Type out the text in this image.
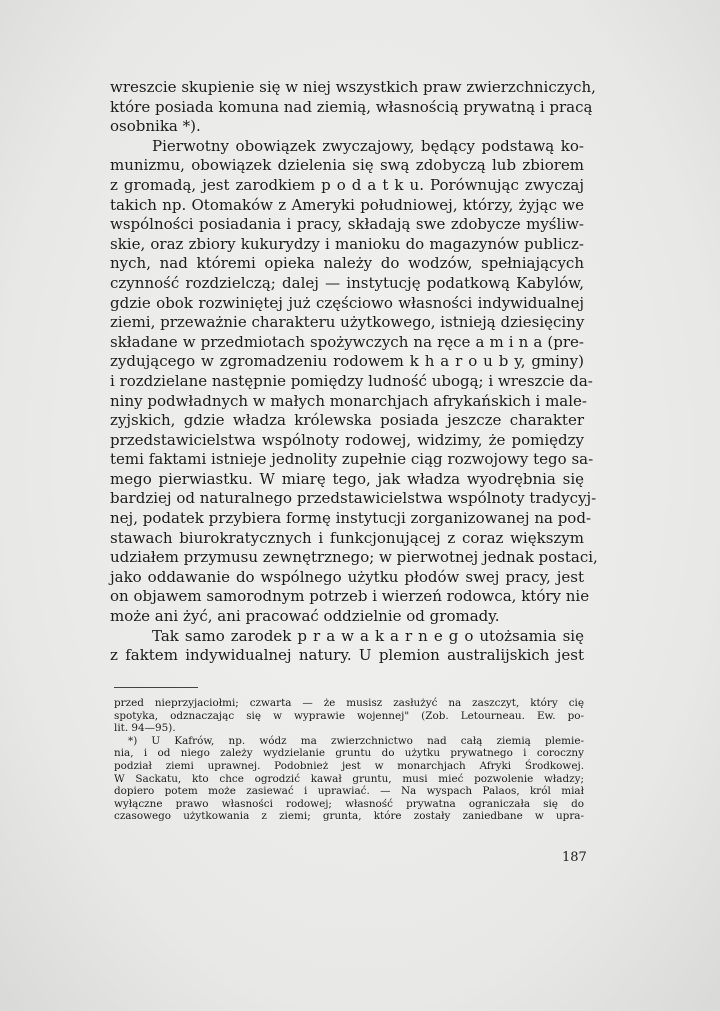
wreszcie skupienie się w niej wszystkich praw zwierzchniczych,
które posiada komuna nad ziemią, własnością prywatną i pracą
osobnika *).
Pierwotny obowiązek zwyczajowy, będący podstawą ko-
munizmu, obowiązek dzielenia się swą zdobyczą lub zbiorem
z gromadą, jest zarodkiem p o d a t k u. Porównując zwyczaj
takich np. Otomaków z Ameryki południowej, którzy, żyjąc we
wspólności posiadania i pracy, składają swe zdobycze myśliw-
skie, oraz zbiory kukurydzy i manioku do magazynów publicz-
nych, nad któremi opieka należy do wodzów, spełniających
czynność rozdzielczą; dalej — instytucję podatkową Kabylów,
gdzie obok rozwiniętej już częściowo własności indywidualnej
ziemi, przeważnie charakteru użytkowego, istnieją dziesięciny
składane w przedmiotach spożywczych na ręce a m i n a (pre-
zydującego w zgromadzeniu rodowem k h a r o u b y, gminy)
i rozdzielane następnie pomiędzy ludność ubogą; i wreszcie da-
niny podwładnych w małych monarchjach afrykańskich i male-
zyjskich, gdzie władza królewska posiada jeszcze charakter
przedstawicielstwa wspólnoty rodowej, widzimy, że pomiędzy
temi faktami istnieje jednolity zupełnie ciąg rozwojowy tego sa-
mego pierwiastku. W miarę tego, jak władza wyodrębnia się
bardziej od naturalnego przedstawicielstwa wspólnoty tradycyj-
nej, podatek przybiera formę instytucji zorganizowanej na pod-
stawach biurokratycznych i funkcjonującej z coraz większym
udziałem przymusu zewnętrznego; w pierwotnej jednak postaci,
jako oddawanie do wspólnego użytku płodów swej pracy, jest
on objawem samorodnym potrzeb i wierzeń rodowca, który nie
może ani żyć, ani pracować oddzielnie od gromady.
Tak samo zarodek p r a w a k a r n e g o utożsamia się
z faktem indywidualnej natury. U plemion australijskich jest
przed nieprzyjaciołmi; czwarta — że musisz zasłużyć na zaszczyt, który cię
spotyka, odznaczając się w wyprawie wojennej" (Zob. Letourneau. Ew. po-
lit. 94—95).
*) U Kafrów, np. wódz ma zwierzchnictwo nad całą ziemią plemie-
nia, i od niego zależy wydzielanie gruntu do użytku prywatnego i coroczny
podział ziemi uprawnej. Podobnież jest w monarchjach Afryki Środkowej.
W Sackatu, kto chce ogrodzić kawał gruntu, musi mieć pozwolenie władzy;
dopiero potem może zasiewać i uprawiać. — Na wyspach Palaos, król miał
wyłączne prawo własności rodowej; własność prywatna ograniczała się do
czasowego użytkowania z ziemi; grunta, które zostały zaniedbane w upra-
187
